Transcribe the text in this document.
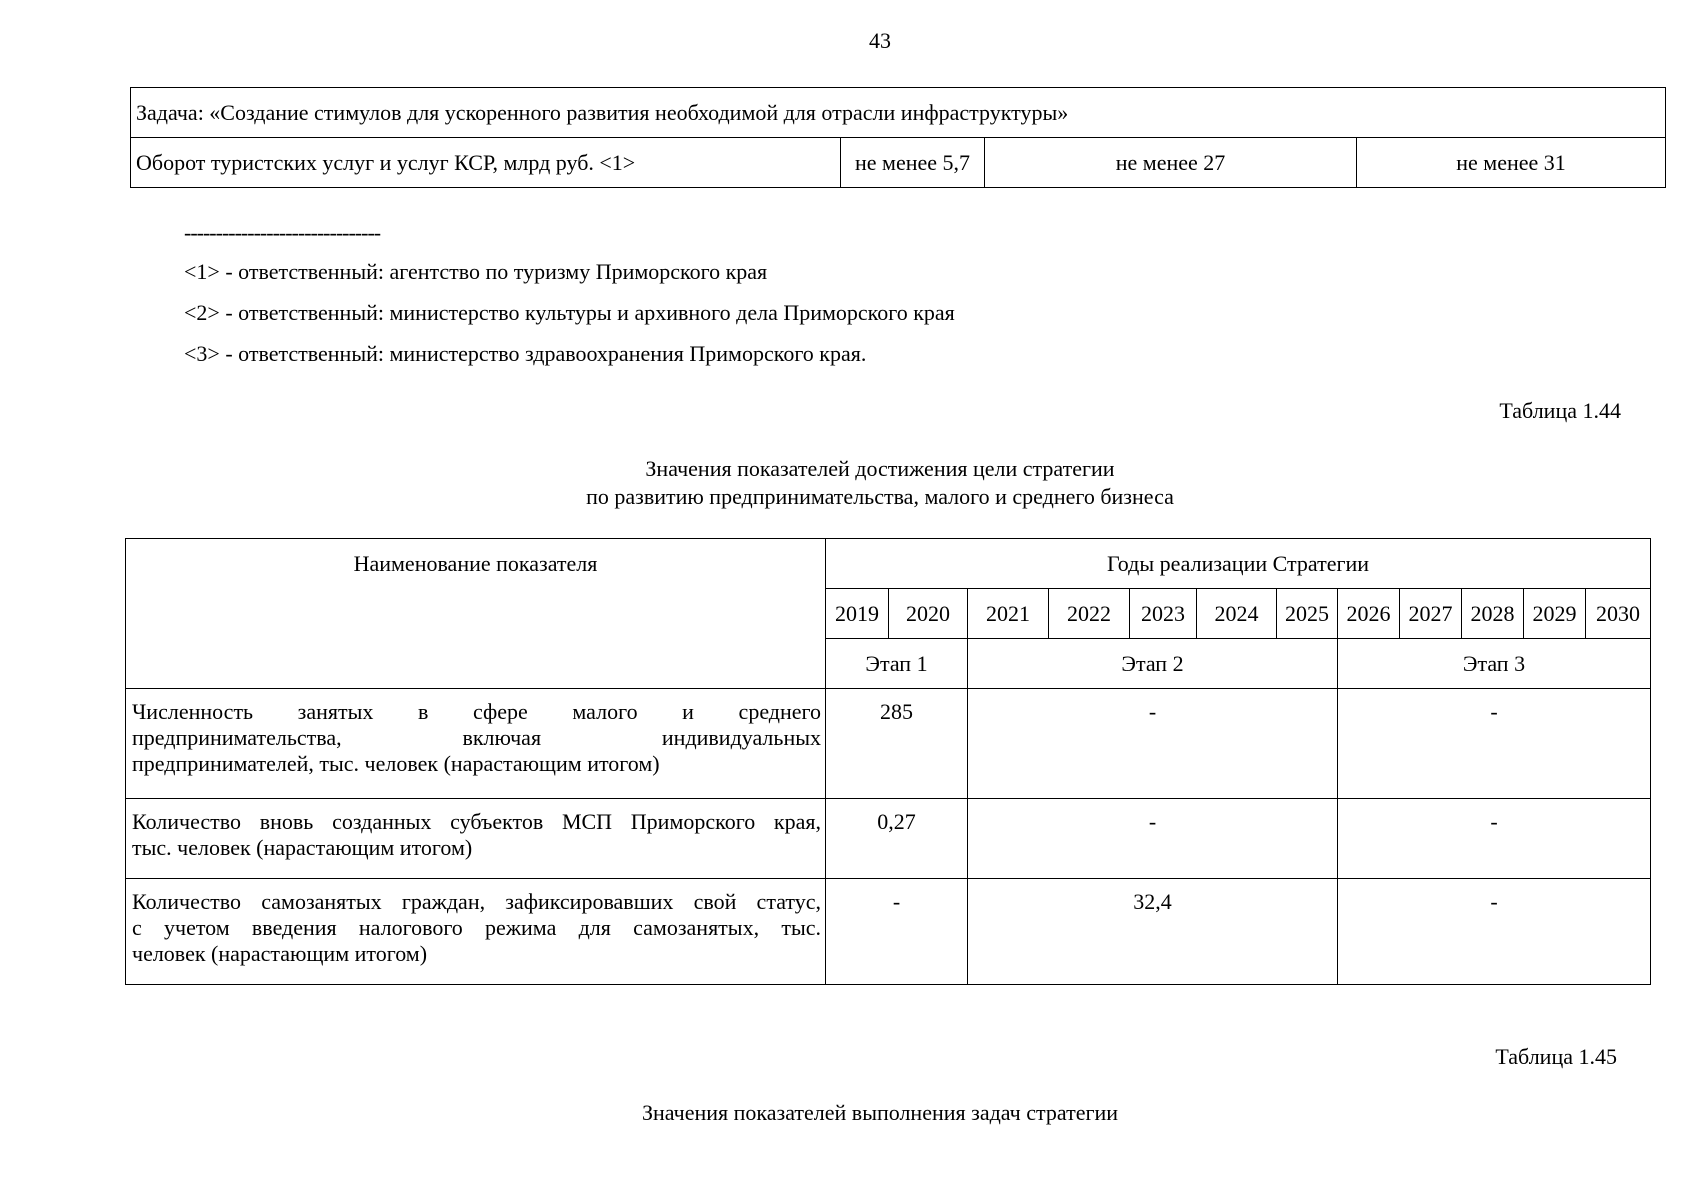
43
Задача: «Создание стимулов для ускоренного развития необходимой для отрасли инфраструктуры»
Оборот туристских услуг и услуг КСР, млрд руб. <1>	не менее 5,7	не менее 27	не менее 31
-------------------------------
<1> - ответственный: агентство по туризму Приморского края
<2> - ответственный: министерство культуры и архивного дела Приморского края
<3> - ответственный: министерство здравоохранения Приморского края.
Таблица 1.44
Значения показателей достижения цели стратегии
по развитию предпринимательства, малого и среднего бизнеса
Наименование показателя	Годы реализации Стратегии											
	2019	2020	2021	2022	2023	2024	2025	2026	2027	2028	2029	2030
	Этап 1		Этап 2					Этап 3				

Численность занятых в сфере малого и среднего
предпринимательства, включая индивидуальных
предпринимателей, тыс. человек (нарастающим итогом)	285		-					-				

Количество вновь созданных субъектов МСП Приморского края,
тыс. человек (нарастающим итогом)	0,27		-					-				

Количество самозанятых граждан, зафиксировавших свой статус,
с учетом введения налогового режима для самозанятых, тыс.
человек (нарастающим итогом)	-		32,4					-				
Таблица 1.45
Значения показателей выполнения задач стратегии
